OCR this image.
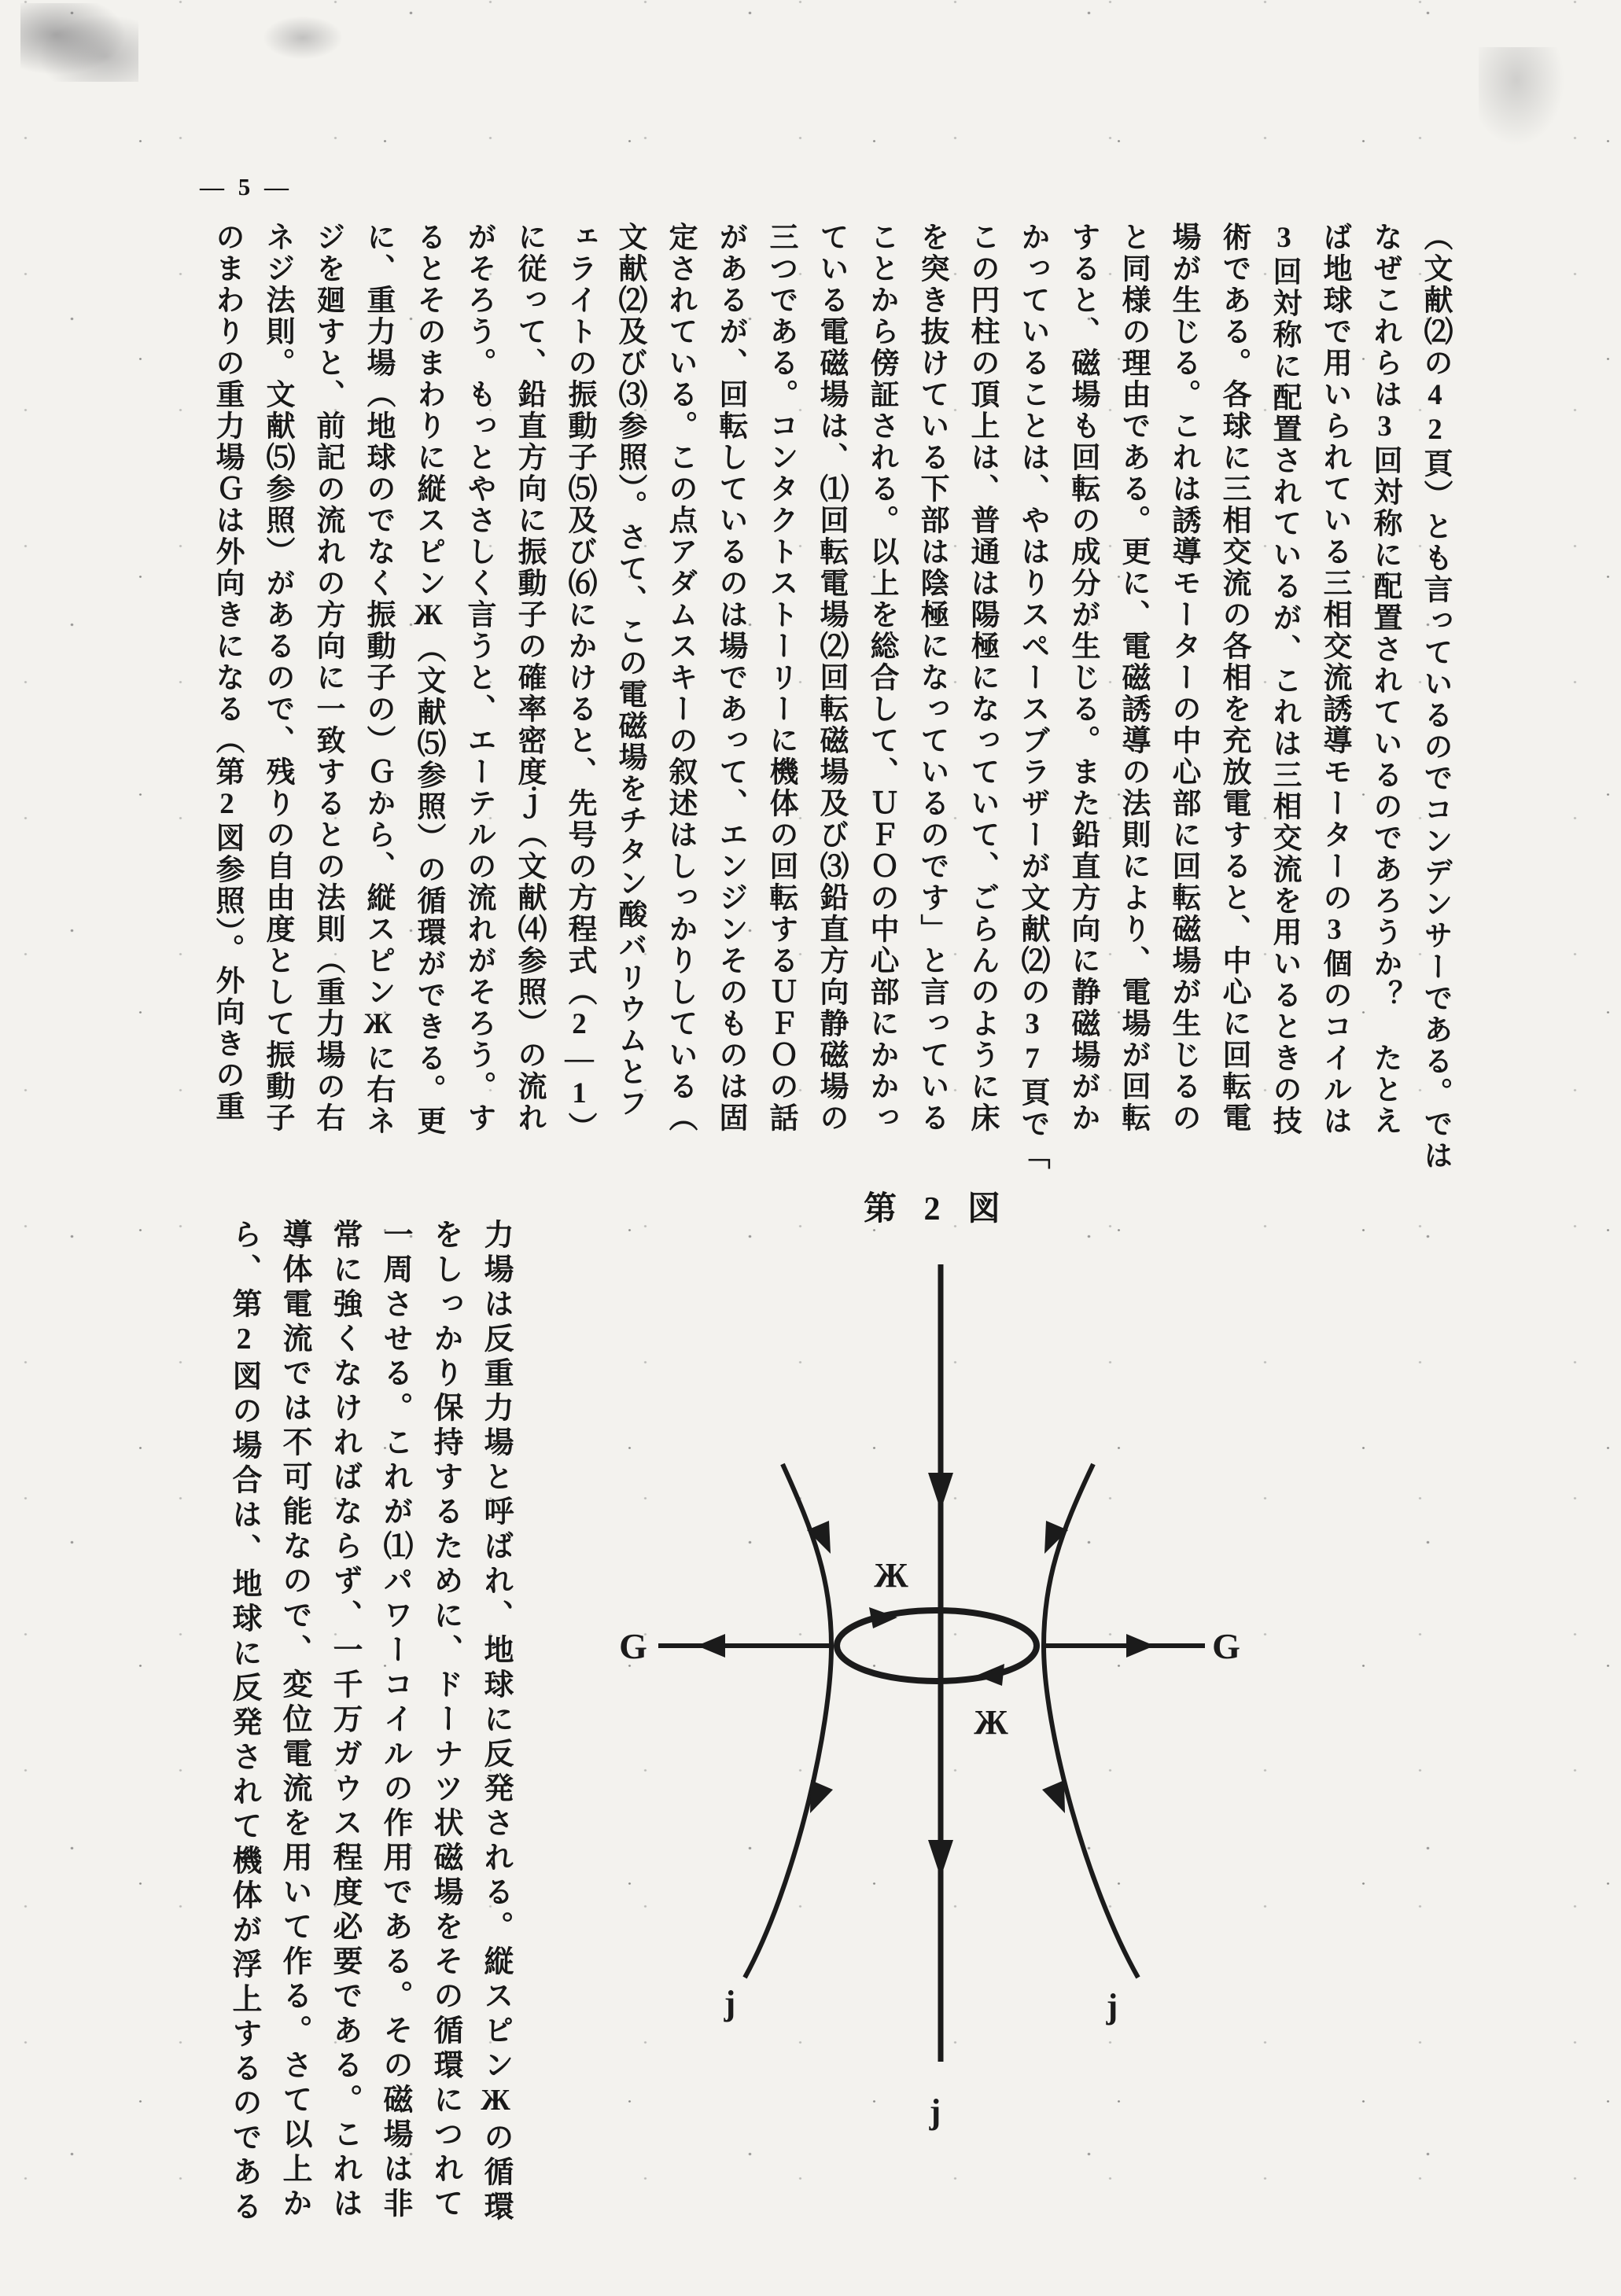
— 5 —
（文献⑵の42頁）とも言っているのでコンデンサーである。では
なぜこれらは3回対称に配置されているのであろうか？　たとえ
ば地球で用いられている三相交流誘導モーターの3個のコイルは
3回対称に配置されているが、これは三相交流を用いるときの技
術である。各球に三相交流の各相を充放電すると、中心に回転電
場が生じる。これは誘導モーターの中心部に回転磁場が生じるの
と同様の理由である。更に、電磁誘導の法則により、電場が回転
すると、磁場も回転の成分が生じる。また鉛直方向に静磁場がか
かっていることは、やはりスペースブラザーが文献⑵の37頁で「
この円柱の頂上は、普通は陽極になっていて、ごらんのように床
を突き抜けている下部は陰極になっているのです」と言っている
ことから傍証される。以上を総合して、ＵＦＯの中心部にかかっ
ている電磁場は、⑴回転電場⑵回転磁場及び⑶鉛直方向静磁場の
三つである。コンタクトストーリーに機体の回転するＵＦＯの話
があるが、回転しているのは場であって、エンジンそのものは固
定されている。この点アダムスキーの叙述はしっかりしている（
文献⑵及び⑶参照）。さて、この電磁場をチタン酸バリウムとフ
ェライトの振動子⑸及び⑹にかけると、先号の方程式（2―1）
に従って、鉛直方向に振動子の確率密度ｊ（文献⑷参照）の流れ
がそろう。もっとやさしく言うと、エーテルの流れがそろう。す
るとそのまわりに縦スピンЖ（文献⑸参照）の循環ができる。更
に、重力場（地球のでなく振動子の）Ｇから、縦スピンЖに右ネ
ジを廻すと、前記の流れの方向に一致するとの法則（重力場の右
ネジ法則。文献⑸参照）があるので、残りの自由度として振動子
のまわりの重力場Ｇは外向きになる（第2図参照）。外向きの重
第 2 図
G	G
Ж
Ж
j	j
j
力場は反重力場と呼ばれ、地球に反発される。縦スピンЖの循環
をしっかり保持するために、ドーナツ状磁場をその循環につれて
一周させる。これが⑴パワーコイルの作用である。その磁場は非
常に強くなければならず、一千万ガウス程度必要である。これは
導体電流では不可能なので、変位電流を用いて作る。さて以上か
ら、第2図の場合は、地球に反発されて機体が浮上するのである
